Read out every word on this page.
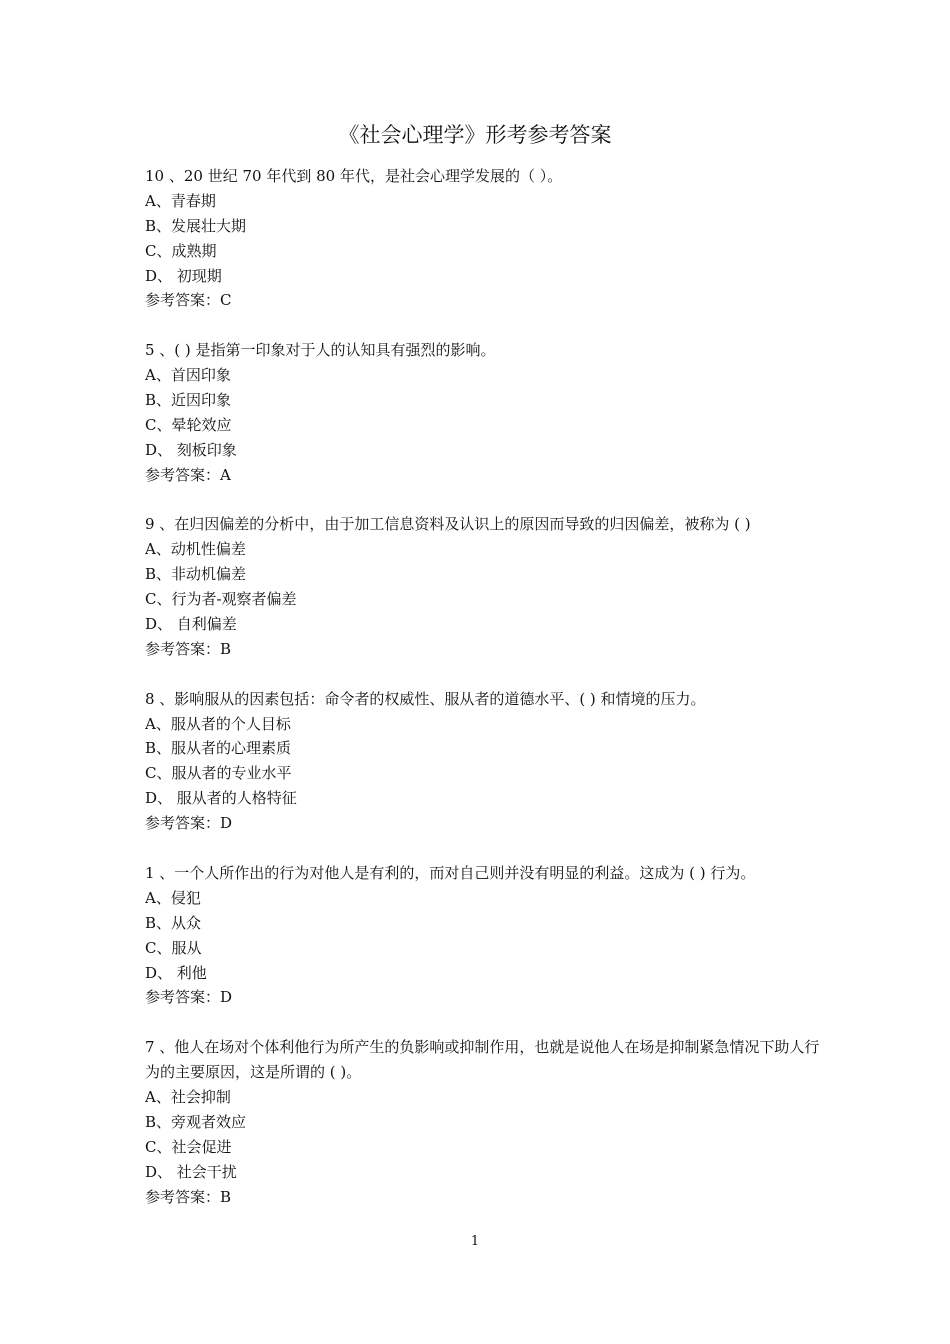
《社会心理学》形考参考答案
10 、20 世纪 70 年代到 80 年代，是社会心理学发展的（ ）。
A、青春期
B、发展壮大期
C、成熟期
D、 初现期
参考答案：C
5 、( ) 是指第一印象对于人的认知具有强烈的影响。
A、首因印象
B、近因印象
C、晕轮效应
D、 刻板印象
参考答案：A
9 、在归因偏差的分析中，由于加工信息资料及认识上的原因而导致的归因偏差，被称为 ( )
A、动机性偏差
B、非动机偏差
C、行为者-观察者偏差
D、 自利偏差
参考答案：B
8 、影响服从的因素包括：命令者的权威性、服从者的道德水平、( ) 和情境的压力。
A、服从者的个人目标
B、服从者的心理素质
C、服从者的专业水平
D、 服从者的人格特征
参考答案：D
1 、一个人所作出的行为对他人是有利的，而对自己则并没有明显的利益。这成为 ( ) 行为。
A、侵犯
B、从众
C、服从
D、 利他
参考答案：D
7 、他人在场对个体利他行为所产生的负影响或抑制作用，也就是说他人在场是抑制紧急情况下助人行为的主要原因，这是所谓的 ( )。
A、社会抑制
B、旁观者效应
C、社会促进
D、 社会干扰
参考答案：B
1
